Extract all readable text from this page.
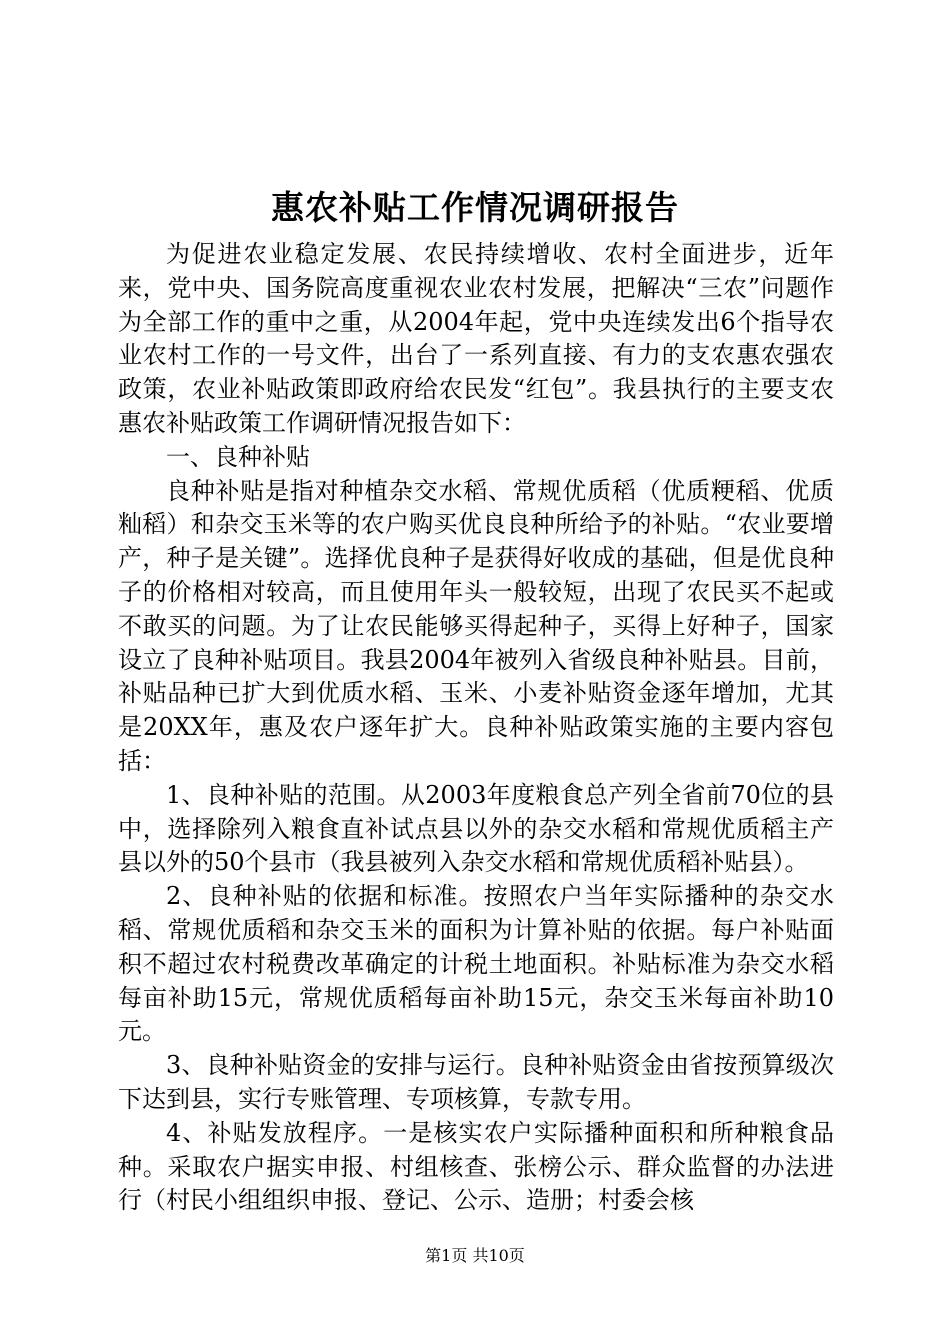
惠农补贴工作情况调研报告

为促进农业稳定发展、农民持续增收、农村全面进步，近年来，党中央、国务院高度重视农业农村发展，把解决“三农”问题作为全部工作的重中之重，从2004年起，党中央连续发出6个指导农业农村工作的一号文件，出台了一系列直接、有力的支农惠农强农政策，农业补贴政策即政府给农民发“红包”。我县执行的主要支农惠农补贴政策工作调研情况报告如下：

一、良种补贴

良种补贴是指对种植杂交水稻、常规优质稻（优质粳稻、优质籼稻）和杂交玉米等的农户购买优良良种所给予的补贴。“农业要增产，种子是关键”。选择优良种子是获得好收成的基础，但是优良种子的价格相对较高，而且使用年头一般较短，出现了农民买不起或不敢买的问题。为了让农民能够买得起种子，买得上好种子，国家设立了良种补贴项目。我县2004年被列入省级良种补贴县。目前，补贴品种已扩大到优质水稻、玉米、小麦补贴资金逐年增加，尤其是20XX年，惠及农户逐年扩大。良种补贴政策实施的主要内容包括：

1、良种补贴的范围。从2003年度粮食总产列全省前70位的县中，选择除列入粮食直补试点县以外的杂交水稻和常规优质稻主产县以外的50个县市（我县被列入杂交水稻和常规优质稻补贴县）。

2、良种补贴的依据和标准。按照农户当年实际播种的杂交水稻、常规优质稻和杂交玉米的面积为计算补贴的依据。每户补贴面积不超过农村税费改革确定的计税土地面积。补贴标准为杂交水稻每亩补助15元，常规优质稻每亩补助15元，杂交玉米每亩补助10元。

3、良种补贴资金的安排与运行。良种补贴资金由省按预算级次下达到县，实行专账管理、专项核算，专款专用。

4、补贴发放程序。一是核实农户实际播种面积和所种粮食品种。采取农户据实申报、村组核查、张榜公示、群众监督的办法进行（村民小组组织申报、登记、公示、造册；村委会核

第1页 共10页
